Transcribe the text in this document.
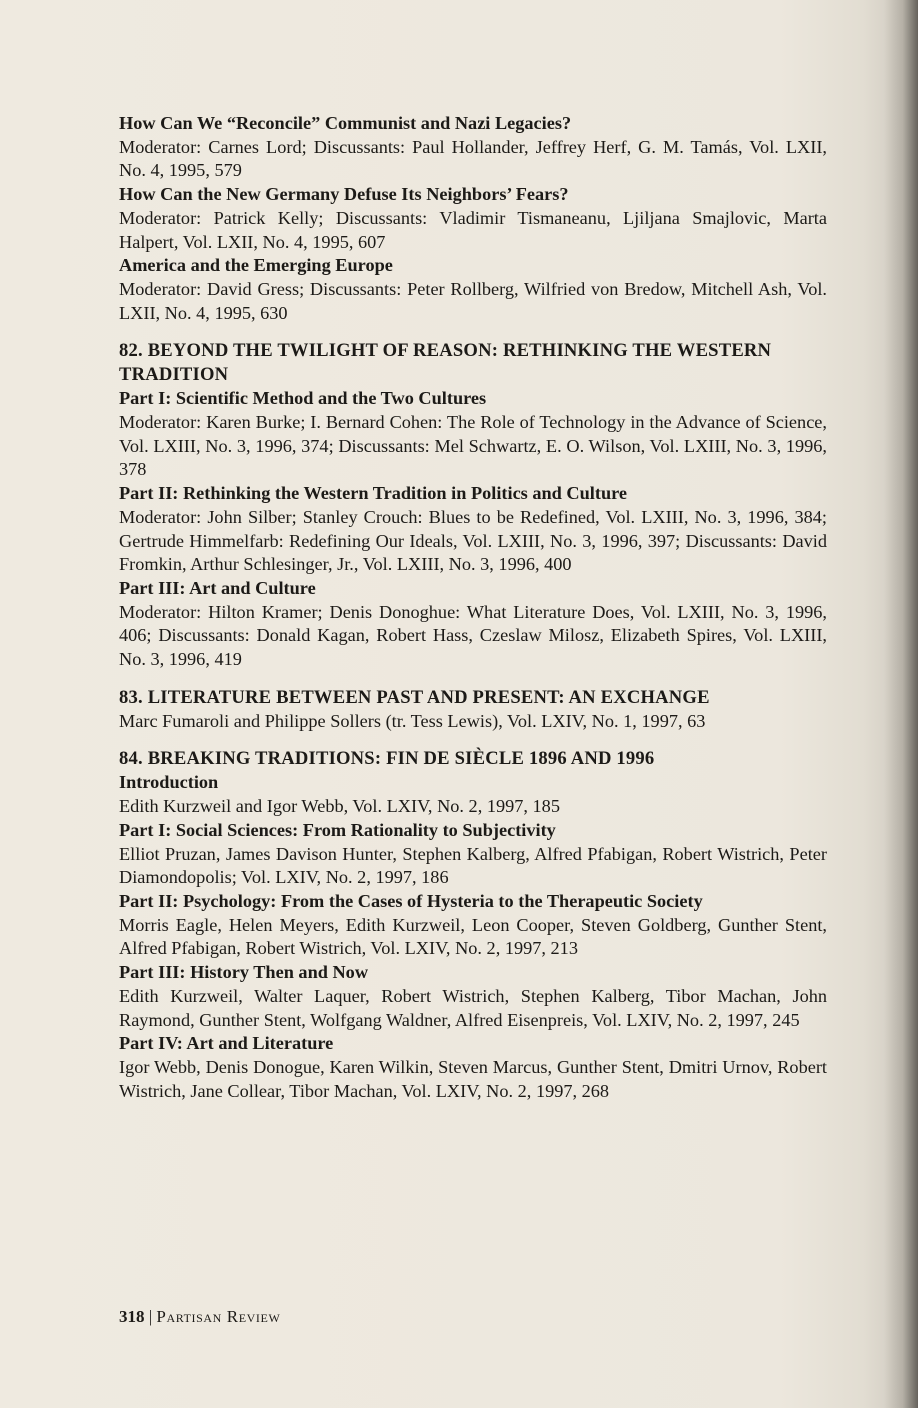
How Can We “Reconcile” Communist and Nazi Legacies?
Moderator: Carnes Lord; Discussants: Paul Hollander, Jeffrey Herf, G. M. Tamás, Vol. LXII, No. 4, 1995, 579
How Can the New Germany Defuse Its Neighbors’ Fears?
Moderator: Patrick Kelly; Discussants: Vladimir Tismaneanu, Ljiljana Smajlovic, Marta Halpert, Vol. LXII, No. 4, 1995, 607
America and the Emerging Europe
Moderator: David Gress; Discussants: Peter Rollberg, Wilfried von Bredow, Mitchell Ash, Vol. LXII, No. 4, 1995, 630
82. BEYOND THE TWILIGHT OF REASON: RETHINKING THE WESTERN TRADITION
Part I: Scientific Method and the Two Cultures
Moderator: Karen Burke; I. Bernard Cohen: The Role of Technology in the Advance of Science, Vol. LXIII, No. 3, 1996, 374; Discussants: Mel Schwartz, E. O. Wilson, Vol. LXIII, No. 3, 1996, 378
Part II: Rethinking the Western Tradition in Politics and Culture
Moderator: John Silber; Stanley Crouch: Blues to be Redefined, Vol. LXIII, No. 3, 1996, 384; Gertrude Himmelfarb: Redefining Our Ideals, Vol. LXIII, No. 3, 1996, 397; Discussants: David Fromkin, Arthur Schlesinger, Jr., Vol. LXIII, No. 3, 1996, 400
Part III: Art and Culture
Moderator: Hilton Kramer; Denis Donoghue: What Literature Does, Vol. LXIII, No. 3, 1996, 406; Discussants: Donald Kagan, Robert Hass, Czeslaw Milosz, Elizabeth Spires, Vol. LXIII, No. 3, 1996, 419
83. LITERATURE BETWEEN PAST AND PRESENT: AN EXCHANGE
Marc Fumaroli and Philippe Sollers (tr. Tess Lewis), Vol. LXIV, No. 1, 1997, 63
84. BREAKING TRADITIONS: FIN DE SIÈCLE 1896 AND 1996
Introduction
Edith Kurzweil and Igor Webb, Vol. LXIV, No. 2, 1997, 185
Part I: Social Sciences: From Rationality to Subjectivity
Elliot Pruzan, James Davison Hunter, Stephen Kalberg, Alfred Pfabigan, Robert Wistrich, Peter Diamondopolis; Vol. LXIV, No. 2, 1997, 186
Part II: Psychology: From the Cases of Hysteria to the Therapeutic Society
Morris Eagle, Helen Meyers, Edith Kurzweil, Leon Cooper, Steven Goldberg, Gunther Stent, Alfred Pfabigan, Robert Wistrich, Vol. LXIV, No. 2, 1997, 213
Part III: History Then and Now
Edith Kurzweil, Walter Laquer, Robert Wistrich, Stephen Kalberg, Tibor Machan, John Raymond, Gunther Stent, Wolfgang Waldner, Alfred Eisenpreis, Vol. LXIV, No. 2, 1997, 245
Part IV: Art and Literature
Igor Webb, Denis Donogue, Karen Wilkin, Steven Marcus, Gunther Stent, Dmitri Urnov, Robert Wistrich, Jane Collear, Tibor Machan, Vol. LXIV, No. 2, 1997, 268
318 | Partisan Review
